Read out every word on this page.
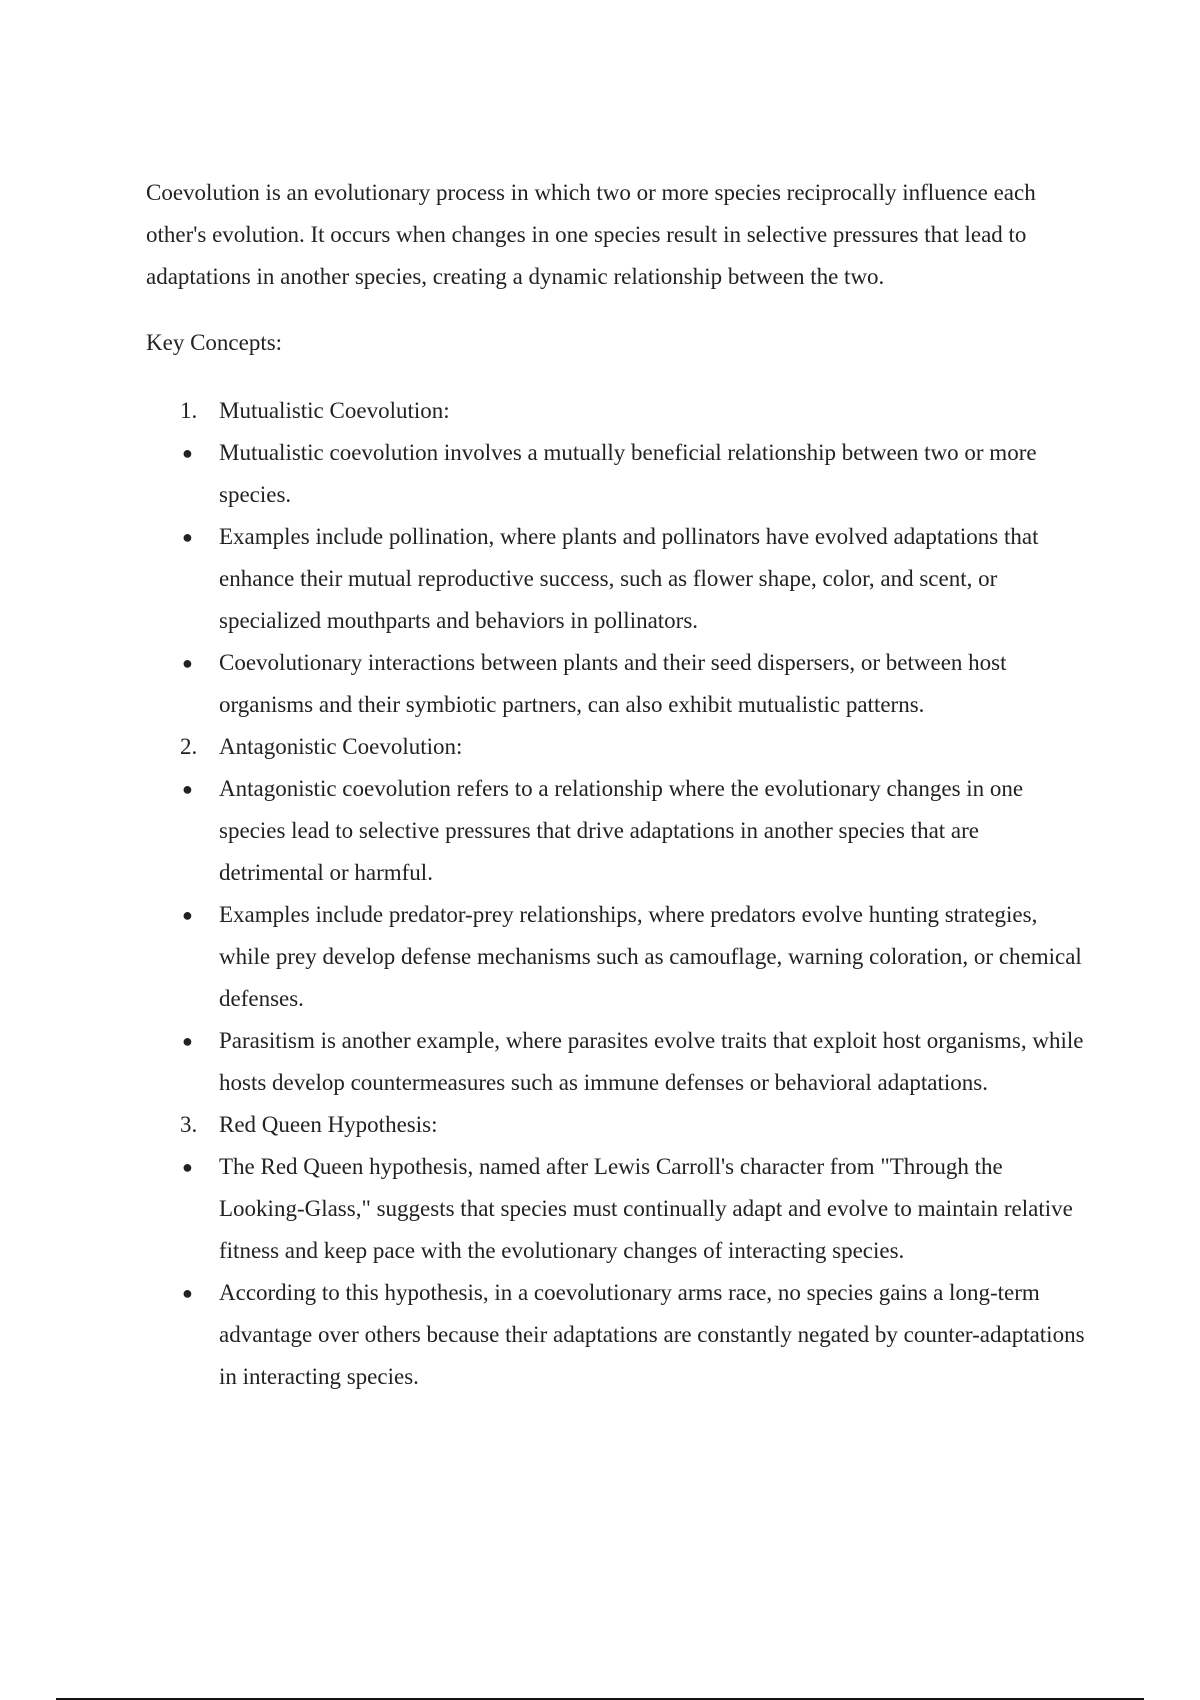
Coevolution is an evolutionary process in which two or more species reciprocally influence each other's evolution. It occurs when changes in one species result in selective pressures that lead to adaptations in another species, creating a dynamic relationship between the two.

Key Concepts:

1. Mutualistic Coevolution:
● Mutualistic coevolution involves a mutually beneficial relationship between two or more species.
● Examples include pollination, where plants and pollinators have evolved adaptations that enhance their mutual reproductive success, such as flower shape, color, and scent, or specialized mouthparts and behaviors in pollinators.
● Coevolutionary interactions between plants and their seed dispersers, or between host organisms and their symbiotic partners, can also exhibit mutualistic patterns.
2. Antagonistic Coevolution:
● Antagonistic coevolution refers to a relationship where the evolutionary changes in one species lead to selective pressures that drive adaptations in another species that are detrimental or harmful.
● Examples include predator-prey relationships, where predators evolve hunting strategies, while prey develop defense mechanisms such as camouflage, warning coloration, or chemical defenses.
● Parasitism is another example, where parasites evolve traits that exploit host organisms, while hosts develop countermeasures such as immune defenses or behavioral adaptations.
3. Red Queen Hypothesis:
● The Red Queen hypothesis, named after Lewis Carroll's character from "Through the Looking-Glass," suggests that species must continually adapt and evolve to maintain relative fitness and keep pace with the evolutionary changes of interacting species.
● According to this hypothesis, in a coevolutionary arms race, no species gains a long-term advantage over others because their adaptations are constantly negated by counter-adaptations in interacting species.
